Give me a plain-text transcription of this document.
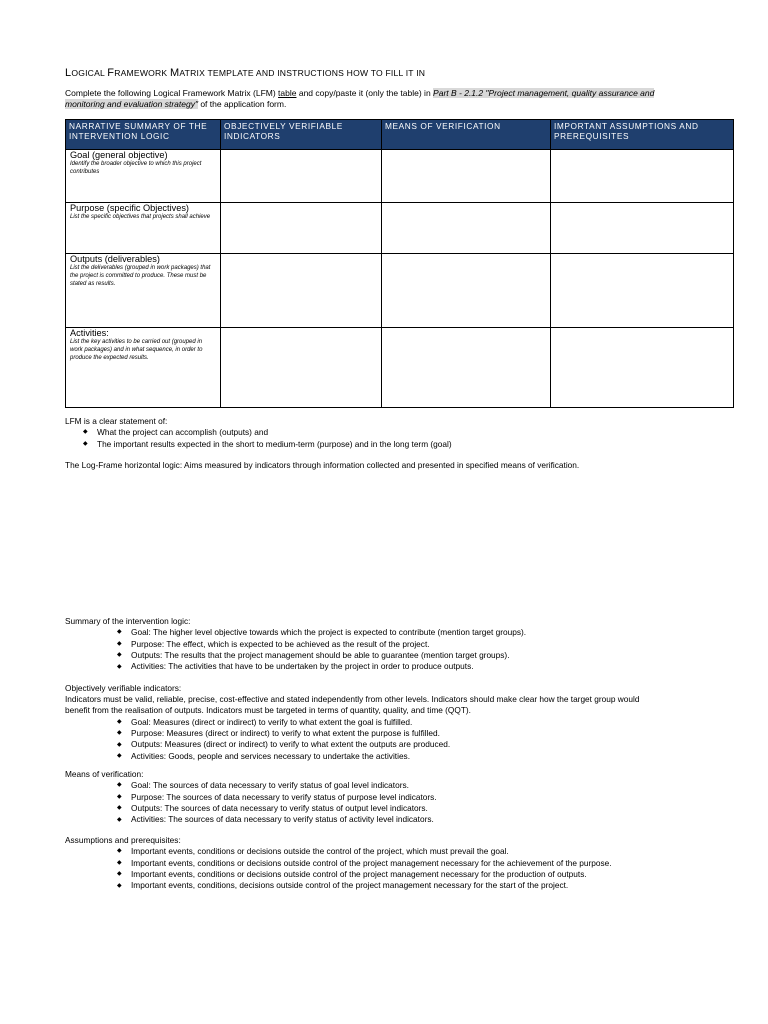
LOGICAL FRAMEWORK MATRIX TEMPLATE AND INSTRUCTIONS HOW TO FILL IT IN
Complete the following Logical Framework Matrix (LFM) table and copy/paste it (only the table) in Part B - 2.1.2 "Project management, quality assurance and monitoring and evaluation strategy" of the application form.
NARRATIVE SUMMARY OF THE INTERVENTION LOGIC	OBJECTIVELY VERIFIABLE INDICATORS	MEANS OF VERIFICATION	IMPORTANT ASSUMPTIONS AND PREREQUISITES

Goal (general objective)
Identify the broader objective to which this project contributes			

Purpose (specific Objectives)
List the specific objectives that projects shall achieve			

Outputs (deliverables)
List the deliverables (grouped in work packages) that the project is committed to produce. These must be stated as results.			

Activities:
List the key activities to be carried out (grouped in work packages) and in what sequence, in order to produce the expected results.			

LFM is a clear statement of:
◆ What the project can accomplish (outputs) and
◆ The important results expected in the short to medium-term (purpose) and in the long term (goal)
The Log-Frame horizontal logic: Aims measured by indicators through information collected and presented in specified means of verification.
Summary of the intervention logic:
◆ Goal: The higher level objective towards which the project is expected to contribute (mention target groups).
◆ Purpose: The effect, which is expected to be achieved as the result of the project.
◆ Outputs: The results that the project management should be able to guarantee (mention target groups).
◆ Activities: The activities that have to be undertaken by the project in order to produce outputs.
Objectively verifiable indicators:
Indicators must be valid, reliable, precise, cost-effective and stated independently from other levels. Indicators should make clear how the target group would
benefit from the realisation of outputs. Indicators must be targeted in terms of quantity, quality, and time (QQT).
◆ Goal: Measures (direct or indirect) to verify to what extent the goal is fulfilled.
◆ Purpose: Measures (direct or indirect) to verify to what extent the purpose is fulfilled.
◆ Outputs: Measures (direct or indirect) to verify to what extent the outputs are produced.
◆ Activities: Goods, people and services necessary to undertake the activities.
Means of verification:
◆ Goal: The sources of data necessary to verify status of goal level indicators.
◆ Purpose: The sources of data necessary to verify status of purpose level indicators.
◆ Outputs: The sources of data necessary to verify status of output level indicators.
◆ Activities: The sources of data necessary to verify status of activity level indicators.
Assumptions and prerequisites:
◆ Important events, conditions or decisions outside the control of the project, which must prevail the goal.
◆ Important events, conditions or decisions outside control of the project management necessary for the achievement of the purpose.
◆ Important events, conditions or decisions outside control of the project management necessary for the production of outputs.
◆ Important events, conditions, decisions outside control of the project management necessary for the start of the project.
